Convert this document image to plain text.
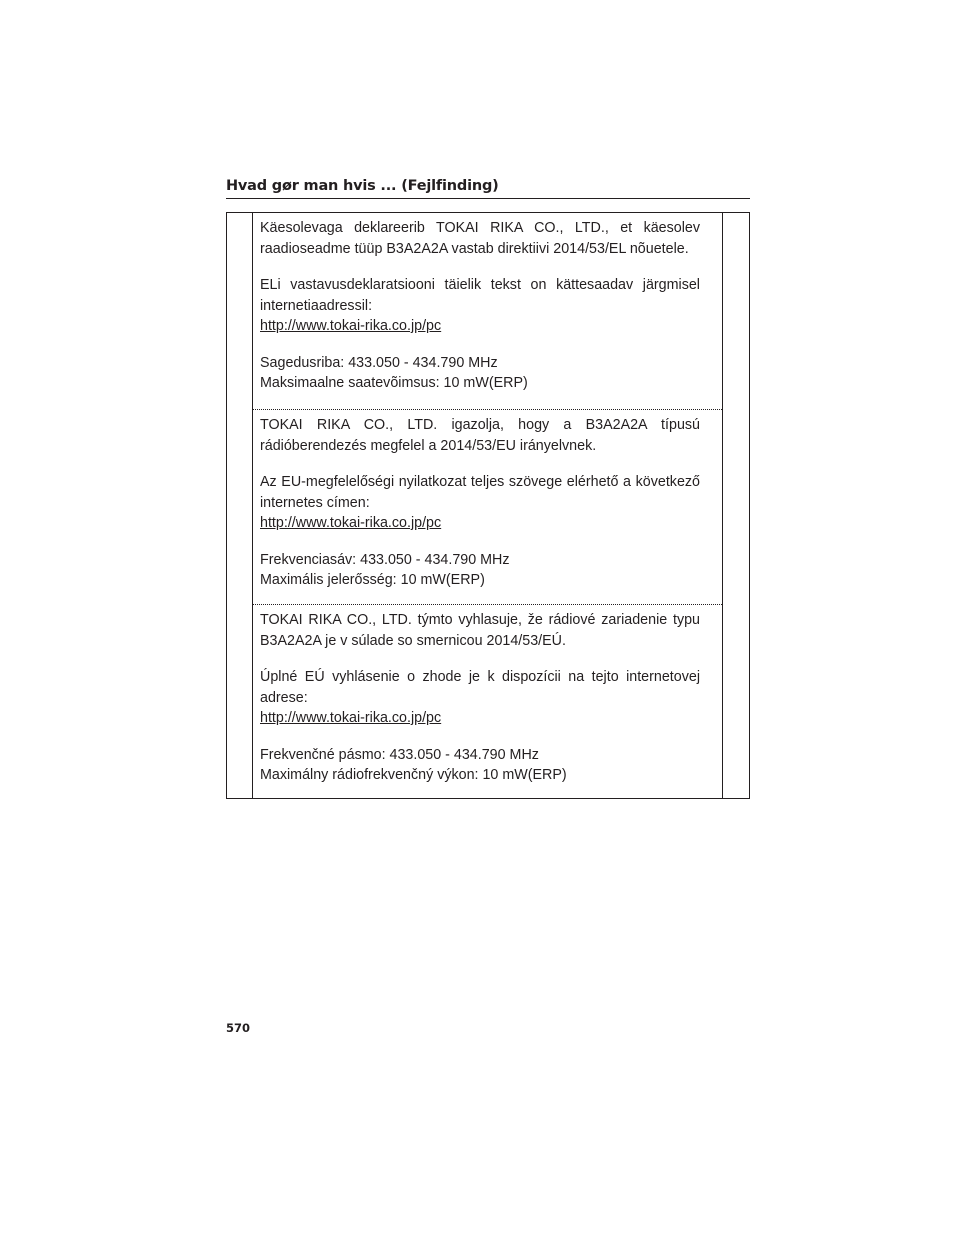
Hvad gør man hvis ... (Fejlfinding)

Käesolevaga deklareerib TOKAI RIKA CO., LTD., et käesolev raadioseadme tüüp B3A2A2A vastab direktiivi 2014/53/EL nõuetele.

ELi vastavusdeklaratsiooni täielik tekst on kättesaadav järgmisel internetiaadressil:
http://www.tokai-rika.co.jp/pc

Sagedusriba: 433.050 - 434.790 MHz
Maksimaalne saatevõimsus: 10 mW(ERP)

TOKAI RIKA CO., LTD. igazolja, hogy a B3A2A2A típusú rádióberendezés megfelel a 2014/53/EU irányelvnek.

Az EU-megfelelőségi nyilatkozat teljes szövege elérhető a következő internetes címen:
http://www.tokai-rika.co.jp/pc

Frekvenciasáv: 433.050 - 434.790 MHz
Maximális jelerősség: 10 mW(ERP)

TOKAI RIKA CO., LTD. týmto vyhlasuje, že rádiové zariadenie typu B3A2A2A je v súlade so smernicou 2014/53/EÚ.

Úplné EÚ vyhlásenie o zhode je k dispozícii na tejto internetovej adrese:
http://www.tokai-rika.co.jp/pc

Frekvenčné pásmo: 433.050 - 434.790 MHz
Maximálny rádiofrekvenčný výkon: 10 mW(ERP)

570
